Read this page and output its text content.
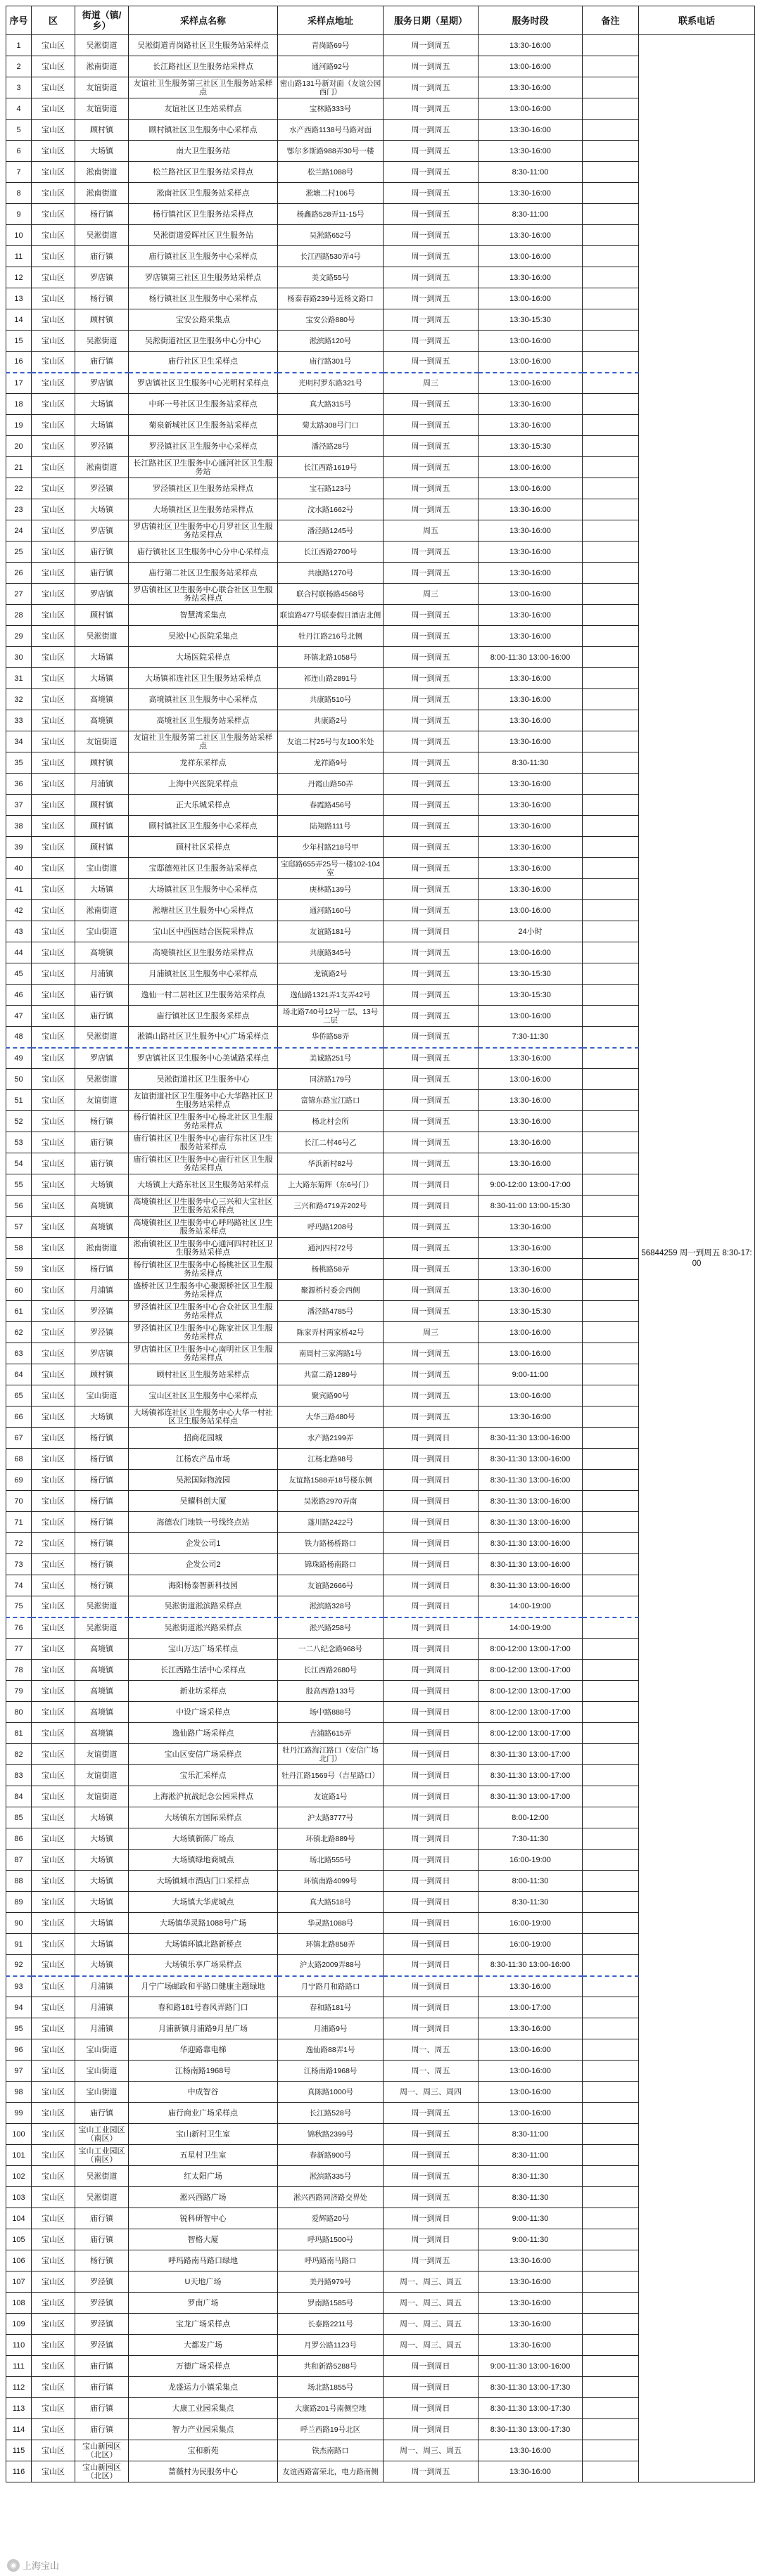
序号	区	街道（镇/乡）	采样点名称	采样点地址	服务日期（星期）	服务时段	备注	联系电话
1	宝山区	吴淞街道	吴淞街道青岗路社区卫生服务站采样点	青岗路69号	周一到周五	13:30-16:00		56844259 周一到周五 8:30-17:00
2	宝山区	淞南街道	长江路社区卫生服务站采样点	通河路92号	周一到周五	13:00-16:00		
3	宝山区	友谊街道	友谊社卫生服务第三社区卫生服务站采样点	密山路131号新对面（友谊公园西门）	周一到周五	13:30-16:00		
4	宝山区	友谊街道	友谊社区卫生站采样点	宝林路333号	周一到周五	13:00-16:00		
5	宝山区	顾村镇	顾村镇社区卫生服务中心采样点	水产西路1138号马路对面	周一到周五	13:30-16:00		
6	宝山区	大场镇	南大卫生服务站	鄂尔多斯路988弄30号一楼	周一到周五	13:30-16:00		
7	宝山区	淞南街道	松兰路社区卫生服务站采样点	松兰路1088号	周一到周五	8:30-11:00		
8	宝山区	淞南街道	淞南社区卫生服务站采样点	淞塘二村106号	周一到周五	13:30-16:00		
9	宝山区	杨行镇	杨行镇社区卫生服务站采样点	杨鑫路528弄11-15号	周一到周五	8:30-11:00		
10	宝山区	吴淞街道	吴淞街道爱晖社区卫生服务站	吴淞路652号	周一到周五	13:30-16:00		
11	宝山区	庙行镇	庙行镇社区卫生服务中心采样点	长江西路530弄4号	周一到周五	13:00-16:00		
12	宝山区	罗店镇	罗店镇第三社区卫生服务站采样点	美文路55号	周一到周五	13:30-16:00		
13	宝山区	杨行镇	杨行镇社区卫生服务中心采样点	杨泰春路239号近杨文路口	周一到周五	13:00-16:00		
14	宝山区	顾村镇	宝安公路采集点	宝安公路880号	周一到周五	13:30-15:30		
15	宝山区	吴淞街道	吴淞街道社区卫生服务中心分中心	淞滨路120号	周一到周五	13:00-16:00		
16	宝山区	庙行镇	庙行社区卫生采样点	庙行路301号	周一到周五	13:00-16:00		
17	宝山区	罗店镇	罗店镇社区卫生服务中心光明村采样点	光明村罗东路321号	周三	13:00-16:00		
18	宝山区	大场镇	中环一号社区卫生服务站采样点	真大路315号	周一到周五	13:30-16:00		
19	宝山区	大场镇	菊泉新城社区卫生服务站采样点	菊太路308号门口	周一到周五	13:30-16:00		
20	宝山区	罗泾镇	罗泾镇社区卫生服务中心采样点	潘泾路28号	周一到周五	13:30-15:30		
21	宝山区	淞南街道	长江路社区卫生服务中心通河社区卫生服务站	长江西路1619号	周一到周五	13:00-16:00		
22	宝山区	罗泾镇	罗泾镇社区卫生服务站采样点	宝石路123号	周一到周五	13:00-16:00		
23	宝山区	大场镇	大场镇社区卫生服务站采样点	汶水路1662号	周一到周五	13:30-16:00		
24	宝山区	罗店镇	罗店镇社区卫生服务中心月罗社区卫生服务站采样点	潘泾路1245号	周五	13:30-16:00		
25	宝山区	庙行镇	庙行镇社区卫生服务中心分中心采样点	长江西路2700号	周一到周五	13:30-16:00		
26	宝山区	庙行镇	庙行第二社区卫生服务站采样点	共康路1270号	周一到周五	13:30-16:00		
27	宝山区	罗店镇	罗店镇社区卫生服务中心联合社区卫生服务站采样点	联合村联杨路4568号	周三	13:00-16:00		
28	宝山区	顾村镇	智慧湾采集点	联谊路477号联泰假日酒店北侧	周一到周五	13:30-16:00		
29	宝山区	吴淞街道	吴淞中心医院采集点	牡丹江路216号北侧	周一到周五	13:30-16:00		
30	宝山区	大场镇	大场医院采样点	环镇北路1058号	周一到周五	8:00-11:30 13:00-16:00		
31	宝山区	大场镇	大场镇祁连社区卫生服务站采样点	祁连山路2891号	周一到周五	13:30-16:00		
32	宝山区	高境镇	高境镇社区卫生服务中心采样点	共康路510号	周一到周五	13:30-16:00		
33	宝山区	高境镇	高境社区卫生服务站采样点	共康路2号	周一到周五	13:30-16:00		
34	宝山区	友谊街道	友谊社卫生服务第二社区卫生服务站采样点	友谊二村25号与友100米处	周一到周五	13:30-16:00		
35	宝山区	顾村镇	龙祥东采样点	龙祥路9号	周一到周五	8:30-11:30		
36	宝山区	月浦镇	上海中兴医院采样点	丹霞山路50弄	周一到周五	13:30-16:00		
37	宝山区	顾村镇	正大乐城采样点	春霞路456号	周一到周五	13:30-16:00		
38	宝山区	顾村镇	顾村镇社区卫生服务中心采样点	陆翔路111号	周一到周五	13:30-16:00		
39	宝山区	顾村镇	顾村社区采样点	少年村路218号甲	周一到周五	13:30-16:00		
40	宝山区	宝山街道	宝邸德苑社区卫生服务站采样点	宝邸路655弄25号一楼102-104室	周一到周五	13:30-16:00		
41	宝山区	大场镇	大场镇社区卫生服务中心采样点	庚林路139号	周一到周五	13:30-16:00		
42	宝山区	淞南街道	淞塘社区卫生服务中心采样点	通河路160号	周一到周五	13:00-16:00		
43	宝山区	宝山街道	宝山区中西医结合医院采样点	友谊路181号	周一到周日	24小时		
44	宝山区	高境镇	高境镇社区卫生服务站采样点	共康路345号	周一到周五	13:00-16:00		
45	宝山区	月浦镇	月浦镇社区卫生服务中心采样点	龙镇路2号	周一到周五	13:30-15:30		
46	宝山区	庙行镇	逸仙一村二居社区卫生服务站采样点	逸仙路1321弄1支弄42号	周一到周五	13:30-15:30		
47	宝山区	庙行镇	庙行镇社区卫生服务采样点	场北路740号12号一层，13号二层	周一到周五	13:00-16:00		
48	宝山区	吴淞街道	淞镇山路社区卫生服务中心广场采样点	华侨路58弄	周一到周五	7:30-11:30		
49	宝山区	罗店镇	罗店镇社区卫生服务中心美诚路采样点	美诚路251号	周一到周五	13:30-16:00		
50	宝山区	吴淞街道	吴淞街道社区卫生服务中心	同济路179号	周一到周五	13:00-16:00		
51	宝山区	友谊街道	友谊街道社区卫生服务中心大华路社区卫生服务站采样点	富锦东路宝江路口	周一到周五	13:30-16:00		
52	宝山区	杨行镇	杨行镇社区卫生服务中心杨北社区卫生服务站采样点	杨北村会所	周一到周五	13:30-16:00		
53	宝山区	庙行镇	庙行镇社区卫生服务中心庙行东社区卫生服务站采样点	长江二村46号乙	周一到周五	13:30-16:00		
54	宝山区	庙行镇	庙行镇社区卫生服务中心庙行社区卫生服务站采样点	华浜新村82号	周一到周五	13:30-16:00		
55	宝山区	大场镇	大场镇上大路东社区卫生服务站采样点	上大路东菊辉（东6号门）	周一到周日	9:00-12:00 13:00-17:00		
56	宝山区	高境镇	高境镇社区卫生服务中心三兴和大宝社区卫生服务站采样点	三兴和路4719弄202号	周一到周日	8:30-11:00 13:00-15:30		
57	宝山区	高境镇	高境镇社区卫生服务中心呼玛路社区卫生服务站采样点	呼玛路1208号	周一到周五	13:30-16:00		
58	宝山区	淞南街道	淞南镇社区卫生服务中心通河四村社区卫生服务站采样点	通河四村72号	周一到周五	13:30-16:00		
59	宝山区	杨行镇	杨行镇社区卫生服务中心杨桃社区卫生服务站采样点	杨桃路58弄	周一到周五	13:30-16:00		
60	宝山区	月浦镇	盛桥社区卫生服务中心聚源桥社区卫生服务站采样点	聚源桥村委会西侧	周一到周五	13:30-16:00		
61	宝山区	罗泾镇	罗泾镇社区卫生服务中心合众社区卫生服务站采样点	潘泾路4785号	周一到周五	13:30-15:30		
62	宝山区	罗泾镇	罗泾镇社区卫生服务中心陈家社区卫生服务站采样点	陈家弄村两家桥42号	周三	13:00-16:00		
63	宝山区	罗店镇	罗店镇社区卫生服务中心南明社区卫生服务站采样点	南周村三家湾路1号	周一到周五	13:00-16:00		
64	宝山区	顾村镇	顾村社区卫生服务站采样点	共富二路1289号	周一到周五	9:00-11:00		
65	宝山区	宝山街道	宝山区社区卫生服务中心采样点	聚宾路90号	周一到周五	13:00-16:00		
66	宝山区	大场镇	大场镇祁连社区卫生服务中心大华一村社区卫生服务站采样点	大华三路480号	周一到周五	13:30-16:00		
67	宝山区	杨行镇	招商花园城	水产路2199弄	周一到周日	8:30-11:30 13:00-16:00		
68	宝山区	杨行镇	江杨农产品市场	江杨北路98号	周一到周日	8:30-11:30 13:00-16:00		
69	宝山区	杨行镇	吴淞国际物流园	友谊路1588弄18号楼东侧	周一到周日	8:30-11:30 13:00-16:00		
70	宝山区	杨行镇	吴耀科创大厦	吴淞路2970弄南	周一到周日	8:30-11:30 13:00-16:00		
71	宝山区	杨行镇	海德农门地铁一号线终点站	蓬川路2422号	周一到周日	8:30-11:30 13:00-16:00		
72	宝山区	杨行镇	企发公司1	铁力路杨桥路口	周一到周日	8:30-11:30 13:00-16:00		
73	宝山区	杨行镇	企发公司2	锦珠路杨南路口	周一到周日	8:30-11:30 13:00-16:00		
74	宝山区	杨行镇	海阳杨泰智新科技园	友谊路2666号	周一到周日	8:30-11:30 13:00-16:00		
75	宝山区	吴淞街道	吴淞街道淞滨路采样点	淞滨路328号	周一到周日	14:00-19:00		
76	宝山区	吴淞街道	吴淞街道淞兴路采样点	淞兴路258号	周一到周日	14:00-19:00		
77	宝山区	高境镇	宝山万达广场采样点	一二八纪念路968号	周一到周日	8:00-12:00 13:00-17:00		
78	宝山区	高境镇	长江西路生活中心采样点	长江西路2680号	周一到周日	8:00-12:00 13:00-17:00		
79	宝山区	高境镇	新业坊采样点	殷高西路133号	周一到周日	8:00-12:00 13:00-17:00		
80	宝山区	高境镇	中设广场采样点	场中路888号	周一到周日	8:00-12:00 13:00-17:00		
81	宝山区	高境镇	逸仙路广场采样点	吉浦路615弄	周一到周日	8:00-12:00 13:00-17:00		
82	宝山区	友谊街道	宝山区安信广场采样点	牡丹江路海江路口（安信广场北门）	周一到周日	8:30-11:30 13:00-17:00		
83	宝山区	友谊街道	宝乐汇采样点	牡丹江路1569号（吉星路口）	周一到周日	8:30-11:30 13:00-17:00		
84	宝山区	友谊街道	上海淞沪抗战纪念公园采样点	友谊路1号	周一到周日	8:30-11:30 13:00-17:00		
85	宝山区	大场镇	大场镇东方国际采样点	沪太路3777号	周一到周日	8:00-12:00		
86	宝山区	大场镇	大场镇新陈广场点	环镇北路889号	周一到周日	7:30-11:30		
87	宝山区	大场镇	大场镇绿地商城点	场北路555号	周一到周日	16:00-19:00		
88	宝山区	大场镇	大场镇城市酒店门口采样点	环镇南路4099号	周一到周日	8:00-11:30		
89	宝山区	大场镇	大场镇大华虎城点	真大路518号	周一到周日	8:30-11:30		
90	宝山区	大场镇	大场镇华灵路1088号广场	华灵路1088号	周一到周日	16:00-19:00		
91	宝山区	大场镇	大场镇环镇北路新桥点	环镇北路858弄	周一到周日	16:00-19:00		
92	宝山区	大场镇	大场镇乐享广场采样点	沪太路2009弄88号	周一到周日	8:30-11:30 13:00-16:00		
93	宝山区	月浦镇	月宁广场邮政和平路口健康主题绿地	月宁路月和路路口	周一到周日	13:30-16:00		
94	宝山区	月浦镇	春和路181号春风弄路门口	春和路181号	周一到周日	13:00-17:00		
95	宝山区	月浦镇	月浦新镇月浦路9月星广场	月浦路9号	周一到周日	13:30-16:00		
96	宝山区	宝山街道	华迎路靠电梯	逸仙路88弄1号	周一、周五	13:00-16:00		
97	宝山区	宝山街道	江杨南路1968号	江杨南路1968号	周一、周五	13:00-16:00		
98	宝山区	宝山街道	中成智谷	真陈路1000号	周一、周三、周四	13:00-16:00		
99	宝山区	庙行镇	庙行商业广场采样点	长江路528号	周一到周五	13:00-16:00		
100	宝山区	宝山工业园区（南区）	宝山新村卫生室	锦秋路2399号	周一到周五	8:30-11:00		
101	宝山区	宝山工业园区（南区）	五星村卫生室	春新路900号	周一到周五	8:30-11:00		
102	宝山区	吴淞街道	红太阳广场	淞滨路335号	周一到周五	8:30-11:30		
103	宝山区	吴淞街道	淞兴西路广场	淞兴西路同济路交界处	周一到周五	8:30-11:30		
104	宝山区	庙行镇	锐科研智中心	爱辉路20号	周一到周日	9:00-11:30		
105	宝山区	庙行镇	智格大厦	呼玛路1500号	周一到周日	9:00-11:30		
106	宝山区	杨行镇	呼玛路南马路口绿地	呼玛路南马路口	周一到周五	13:30-16:00		
107	宝山区	罗泾镇	U天地广场	美丹路979号	周一、周三、周五	13:30-16:00		
108	宝山区	罗泾镇	罗南广场	罗南路1585号	周一、周三、周五	13:30-16:00		
109	宝山区	罗泾镇	宝龙广场采样点	长泰路2211号	周一、周三、周五	13:30-16:00		
110	宝山区	罗泾镇	大都发广场	月罗公路1123号	周一、周三、周五	13:30-16:00		
111	宝山区	庙行镇	万德广场采样点	共和新路5288号	周一到周日	9:00-11:30 13:00-16:00		
112	宝山区	庙行镇	龙盛运力小镇采集点	场北路1855号	周一到周日	8:30-11:30 13:00-17:30		
113	宝山区	庙行镇	大康工业园采集点	大康路201号南侧空地	周一到周日	8:30-11:30 13:00-17:30		
114	宝山区	庙行镇	智力产业园采集点	呼兰西路19号北区	周一到周日	8:30-11:30 13:00-17:30		
115	宝山区	宝山新园区（北区）	宝和新苑	铁杰南路口	周一、周三、周五	13:30-16:00		
116	宝山区	宝山新园区（北区）	蔷薇村为民服务中心	友谊西路富荣北，电力路南侧	周一到周五	13:30-16:00		
◉ 上海宝山
